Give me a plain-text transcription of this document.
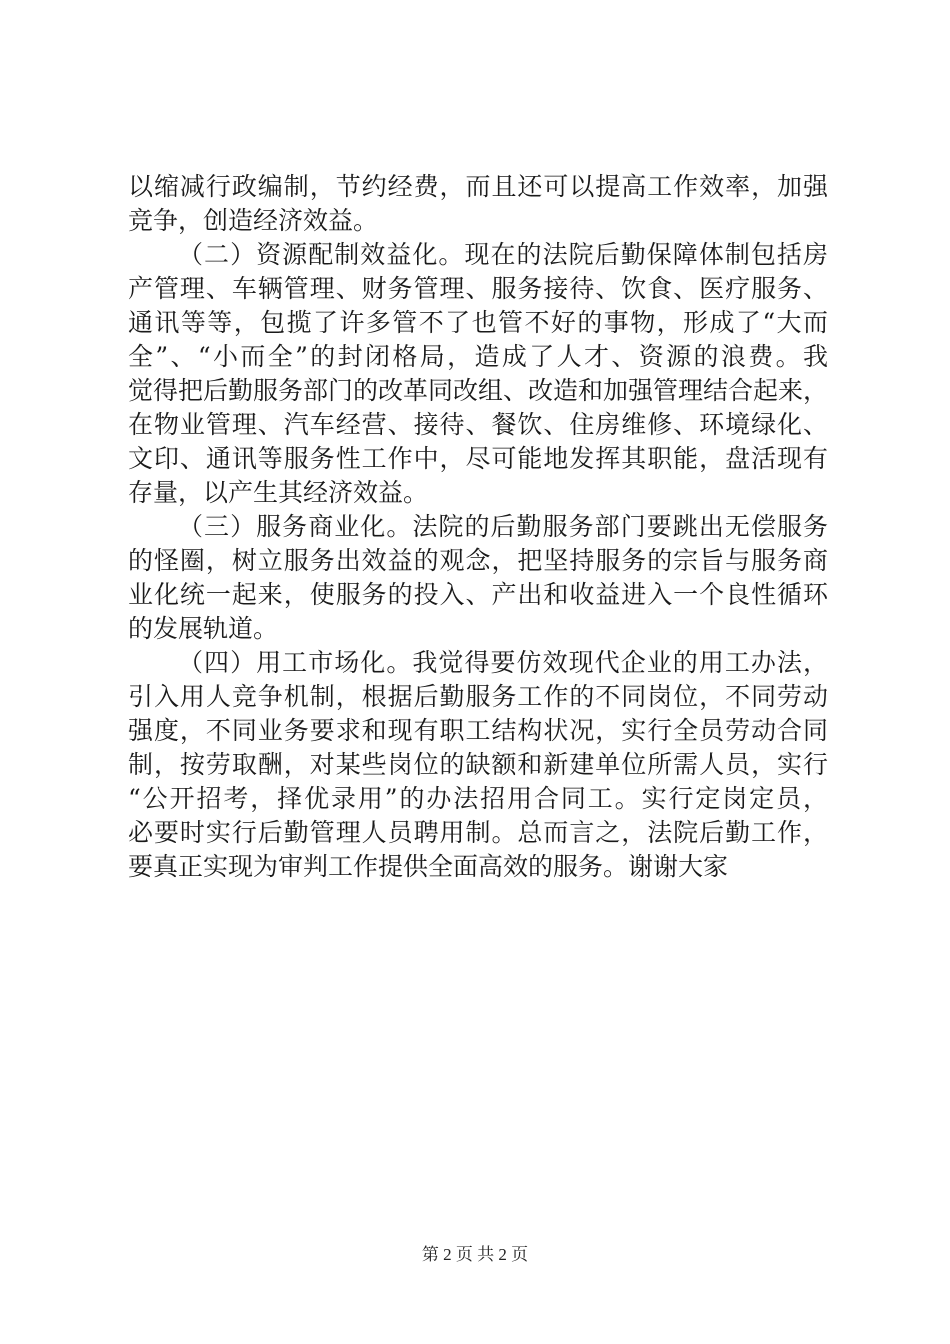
以缩减行政编制，节约经费，而且还可以提高工作效率，加强
竞争，创造经济效益。
（二）资源配制效益化。现在的法院后勤保障体制包括房
产管理、车辆管理、财务管理、服务接待、饮食、医疗服务、
通讯等等，包揽了许多管不了也管不好的事物，形成了“大而
全”、“小而全”的封闭格局，造成了人才、资源的浪费。我
觉得把后勤服务部门的改革同改组、改造和加强管理结合起来，
在物业管理、汽车经营、接待、餐饮、住房维修、环境绿化、
文印、通讯等服务性工作中，尽可能地发挥其职能，盘活现有
存量，以产生其经济效益。
（三）服务商业化。法院的后勤服务部门要跳出无偿服务
的怪圈，树立服务出效益的观念，把坚持服务的宗旨与服务商
业化统一起来，使服务的投入、产出和收益进入一个良性循环
的发展轨道。
（四）用工市场化。我觉得要仿效现代企业的用工办法，
引入用人竞争机制，根据后勤服务工作的不同岗位，不同劳动
强度，不同业务要求和现有职工结构状况，实行全员劳动合同
制，按劳取酬，对某些岗位的缺额和新建单位所需人员，实行
“公开招考，择优录用”的办法招用合同工。实行定岗定员，
必要时实行后勤管理人员聘用制。总而言之，法院后勤工作，
要真正实现为审判工作提供全面高效的服务。谢谢大家
第 2 页 共 2 页
